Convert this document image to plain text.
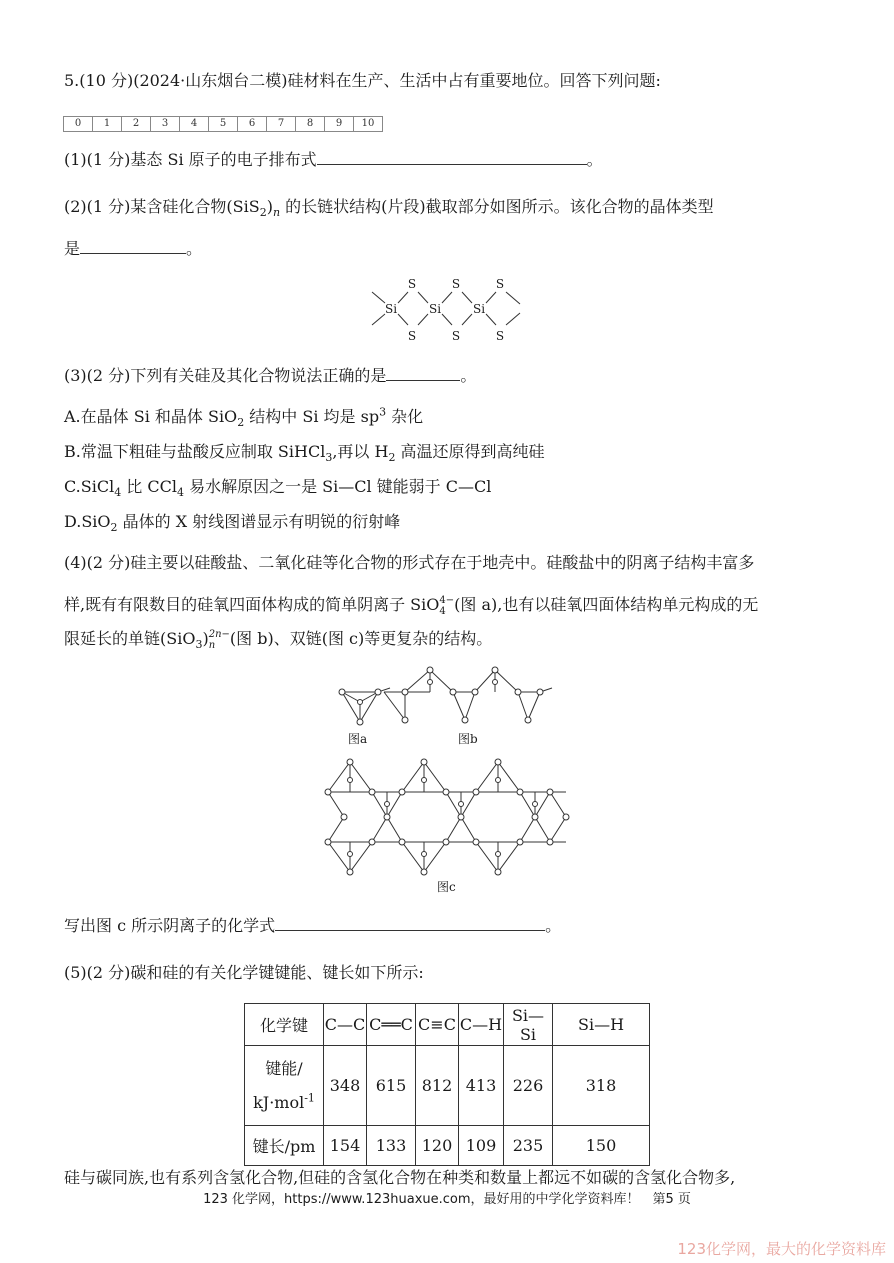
5.(10 分)(2024·山东烟台二模)硅材料在生产、生活中占有重要地位。回答下列问题:
0	1	2	3	4	5	6	7	8	9	10
(1)(1 分)基态 Si 原子的电子排布式	。
(2)(1 分)某含硅化合物$(SiS_2)_n$ 的长链状结构(片段)截取部分如图所示。该化合物的晶体类型
是	。
S	S	S
Si	Si	Si
S	S	S
(3)(2 分)下列有关硅及其化合物说法正确的是	。
A.在晶体 Si 和晶体 SiO$_2$ 结构中 Si 均是 $sp^3$ 杂化
B.常温下粗硅与盐酸反应制取 SiHCl$_3$,再以 $H_2$ 高温还原得到高纯硅
C.SiCl$_4$ 比 CCl$_4$ 易水解原因之一是 Si—Cl 键能弱于 C—Cl
D.SiO$_2$ 晶体的 X 射线图谱显示有明锐的衍射峰
(4)(2 分)硅主要以硅酸盐、二氧化硅等化合物的形式存在于地壳中。硅酸盐中的阴离子结构丰富多
样,既有有限数目的硅氧四面体构成的简单阴离子 SiO 4−
4 (图 a),也有以硅氧四面体结构单元构成的无
限延长的单链(SiO$_3$) 2n−
n (图 b)、双链(图 c)等更复杂的结构。
图a	图b
图c
写出图 c 所示阴离子的化学式	。
(5)(2 分)碳和硅的有关化学键键能、键长如下所示:
化学键	C—C	C══C	C≡C	C—H	Si—Si	Si—H

键能/
kJ·mol$^{-1}$	348	615	812	413	226	318
键长/pm	154	133	120	109	235	150
硅与碳同族,也有系列含氢化合物,但硅的含氢化合物在种类和数量上都远不如碳的含氢化合物多,
123 化学网，https://www.123huaxue.com，最好用的中学化学资料库！　第5 页
123化学网，最大的化学资料库
